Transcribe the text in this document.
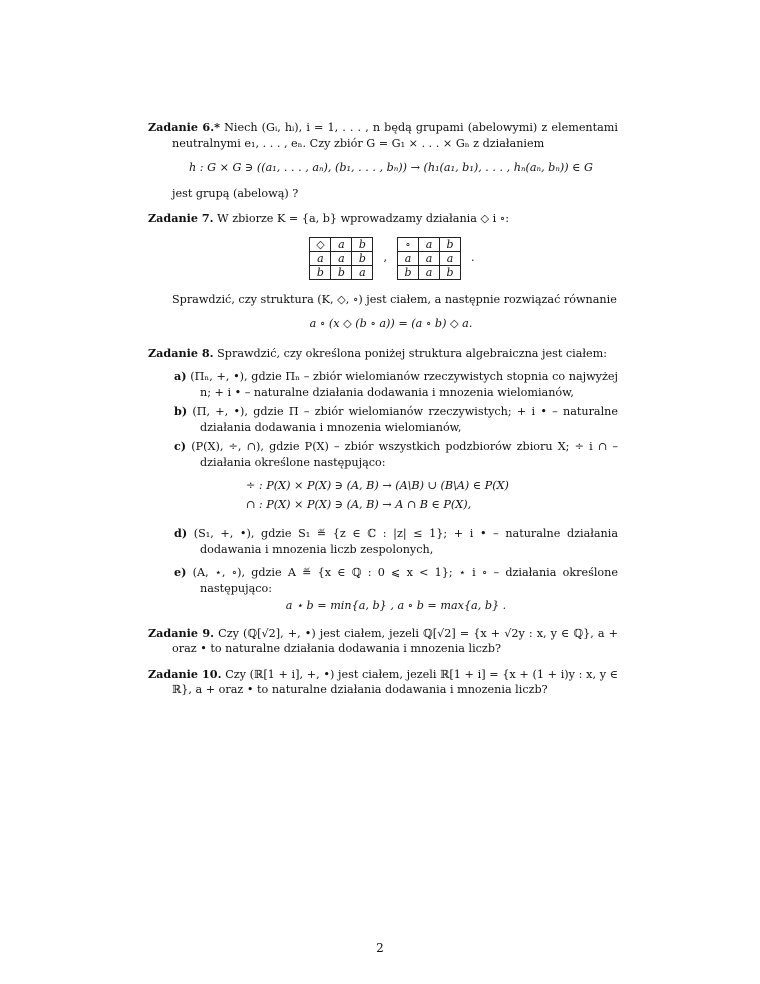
Zadanie 6.* Niech (Gᵢ, hᵢ), i = 1, . . . , n będą grupami (abelowymi) z elementami neutralnymi e₁, . . . , eₙ. Czy zbiór G = G₁ × . . . × Gₙ z działaniem
h : G × G ∋ ((a₁, . . . , aₙ), (b₁, . . . , bₙ)) → (h₁(a₁, b₁), . . . , hₙ(aₙ, bₙ)) ∈ G
jest grupą (abelową) ?
Zadanie 7. W zbiorze K = {a, b} wprowadzamy działania ◇ i ∘:
◇	a	b
a	a	b
b	b	a
,
∘	a	b
a	a	a
b	a	b
.
Sprawdzić, czy struktura (K, ◇, ∘) jest ciałem, a następnie rozwiązać równanie
a ∘ (x ◇ (b ∘ a)) = (a ∘ b) ◇ a.
Zadanie 8. Sprawdzić, czy określona poniżej struktura algebraiczna jest ciałem:
a) (Πₙ, +, •), gdzie Πₙ – zbiór wielomianów rzeczywistych stopnia co najwyżej n; + i • – naturalne działania dodawania i mnozenia wielomianów,
b) (Π, +, •), gdzie Π – zbiór wielomianów rzeczywistych; + i • – naturalne działania dodawania i mnozenia wielomianów,
c) (P(X), ÷, ∩), gdzie P(X) – zbiór wszystkich podzbiorów zbioru X; ÷ i ∩ – działania określone następująco:
÷ : P(X) × P(X) ∋ (A, B) → (A\B) ∪ (B\A) ∈ P(X)
∩ : P(X) × P(X) ∋ (A, B) → A ∩ B ∈ P(X),
d) (S₁, +, •), gdzie S₁ ≝ {z ∈ ℂ : |z| ≤ 1}; + i • – naturalne działania dodawania i mnozenia liczb zespolonych,
e) (A, ⋆, ∘), gdzie A ≝ {x ∈ ℚ : 0 ⩽ x < 1}; ⋆ i ∘ – działania określone następująco:
a ⋆ b = min{a, b} , a ∘ b = max{a, b} .
Zadanie 9. Czy (ℚ[√2], +, •) jest ciałem, jezeli ℚ[√2] = {x + √2y : x, y ∈ ℚ}, a + oraz • to naturalne działania dodawania i mnozenia liczb?
Zadanie 10. Czy (ℝ[1 + i], +, •) jest ciałem, jezeli ℝ[1 + i] = {x + (1 + i)y : x, y ∈ ℝ}, a + oraz • to naturalne działania dodawania i mnozenia liczb?
2
